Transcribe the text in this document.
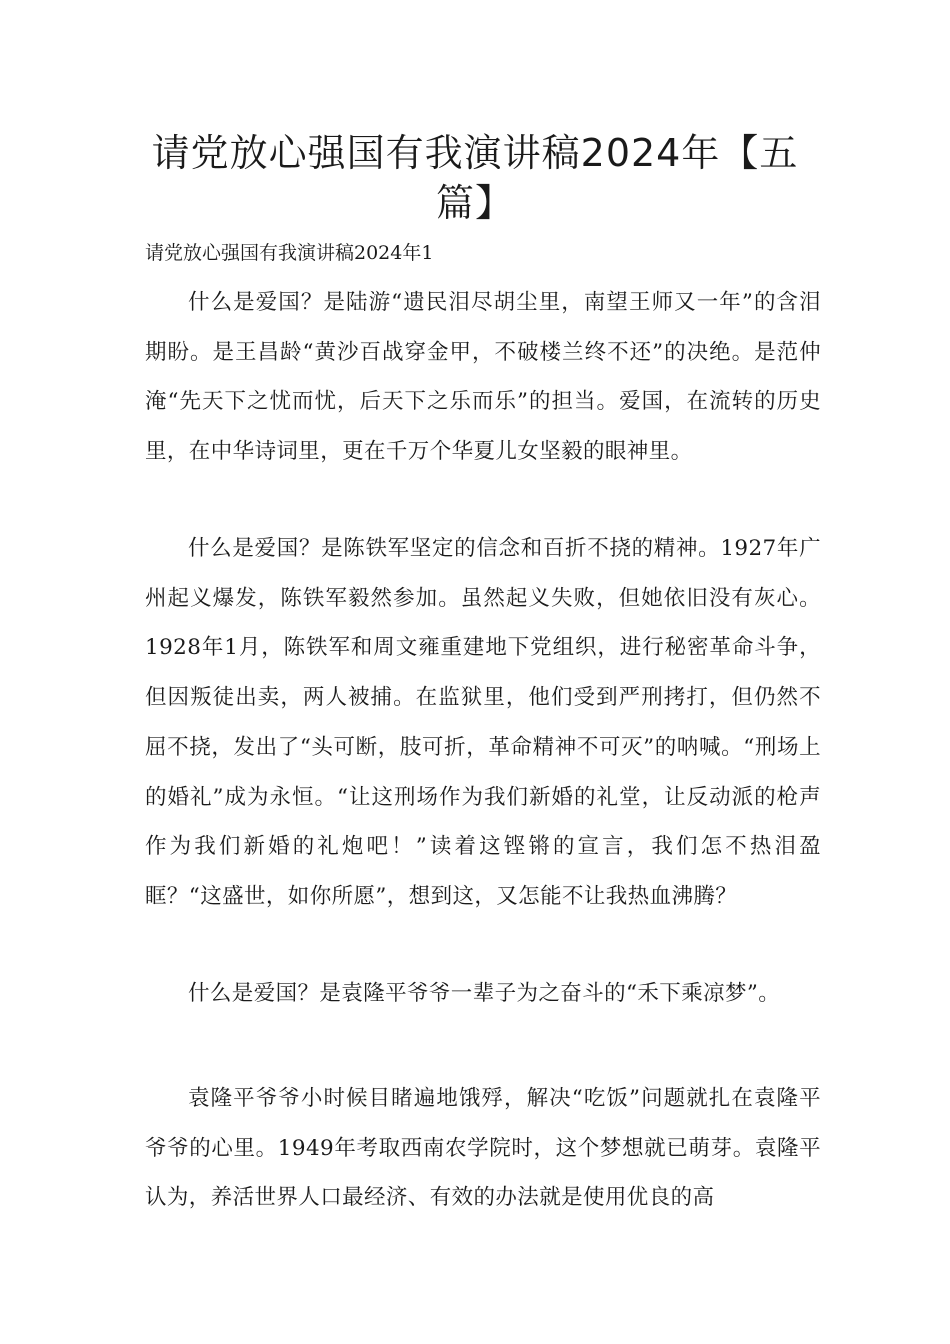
请党放心强国有我演讲稿2024年【五篇】

请党放心强国有我演讲稿2024年1

什么是爱国？是陆游“遗民泪尽胡尘里，南望王师又一年”的含泪期盼。是王昌龄“黄沙百战穿金甲，不破楼兰终不还”的决绝。是范仲淹“先天下之忧而忧，后天下之乐而乐”的担当。爱国，在流转的历史里，在中华诗词里，更在千万个华夏儿女坚毅的眼神里。

什么是爱国？是陈铁军坚定的信念和百折不挠的精神。1927年广州起义爆发，陈铁军毅然参加。虽然起义失败，但她依旧没有灰心。1928年1月，陈铁军和周文雍重建地下党组织，进行秘密革命斗争，但因叛徒出卖，两人被捕。在监狱里，他们受到严刑拷打，但仍然不屈不挠，发出了“头可断，肢可折，革命精神不可灭”的呐喊。“刑场上的婚礼”成为永恒。“让这刑场作为我们新婚的礼堂，让反动派的枪声作为我们新婚的礼炮吧！”读着这铿锵的宣言，我们怎不热泪盈眶？“这盛世，如你所愿”，想到这，又怎能不让我热血沸腾？

什么是爱国？是袁隆平爷爷一辈子为之奋斗的“禾下乘凉梦”。

袁隆平爷爷小时候目睹遍地饿殍，解决“吃饭”问题就扎在袁隆平爷爷的心里。1949年考取西南农学院时，这个梦想就已萌芽。袁隆平认为，养活世界人口最经济、有效的办法就是使用优良的高
